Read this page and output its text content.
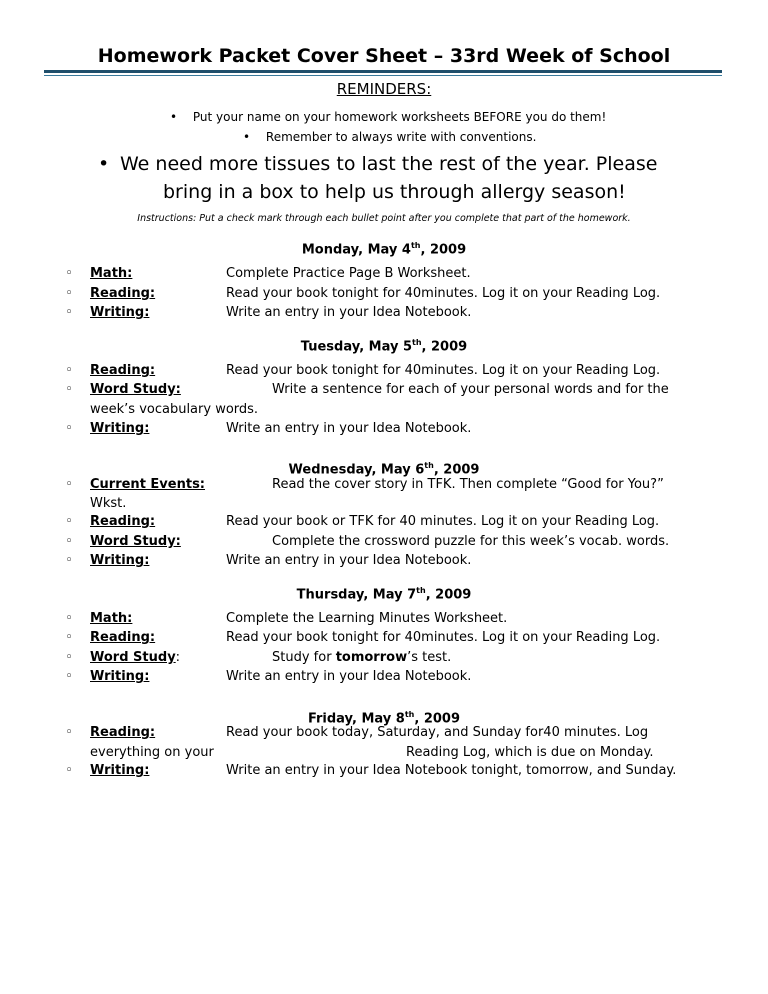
Homework Packet Cover Sheet – 33rd Week of School
REMINDERS:
• Put your name on your homework worksheets BEFORE you do them!
• Remember to always write with conventions.
• We need more tissues to last the rest of the year. Please
bring in a box to help us through allergy season!
Instructions: Put a check mark through each bullet point after you complete that part of the homework.
Monday, May 4th, 2009
◦ Math:	Complete Practice Page B Worksheet.
◦ Reading:	Read your book tonight for 40minutes. Log it on your Reading Log.
◦ Writing:	Write an entry in your Idea Notebook.
Tuesday, May 5th, 2009
◦ Reading:	Read your book tonight for 40minutes. Log it on your Reading Log.
◦ Word Study:	Write a sentence for each of your personal words and for the
week’s vocabulary words.
◦ Writing:	Write an entry in your Idea Notebook.
Wednesday, May 6th, 2009
◦ Current Events:	Read the cover story in TFK. Then complete “Good for You?”
Wkst.
◦ Reading:	Read your book or TFK for 40 minutes. Log it on your Reading Log.
◦ Word Study:	Complete the crossword puzzle for this week’s vocab. words.
◦ Writing:	Write an entry in your Idea Notebook.
Thursday, May 7th, 2009
◦ Math:	Complete the Learning Minutes Worksheet.
◦ Reading:	Read your book tonight for 40minutes. Log it on your Reading Log.
◦ Word Study:	Study for tomorrow’s test.
◦ Writing:	Write an entry in your Idea Notebook.
Friday, May 8th, 2009
◦ Reading:	Read your book today, Saturday, and Sunday for40 minutes. Log
everything on your	Reading Log, which is due on Monday.
◦ Writing:	Write an entry in your Idea Notebook tonight, tomorrow, and Sunday.
